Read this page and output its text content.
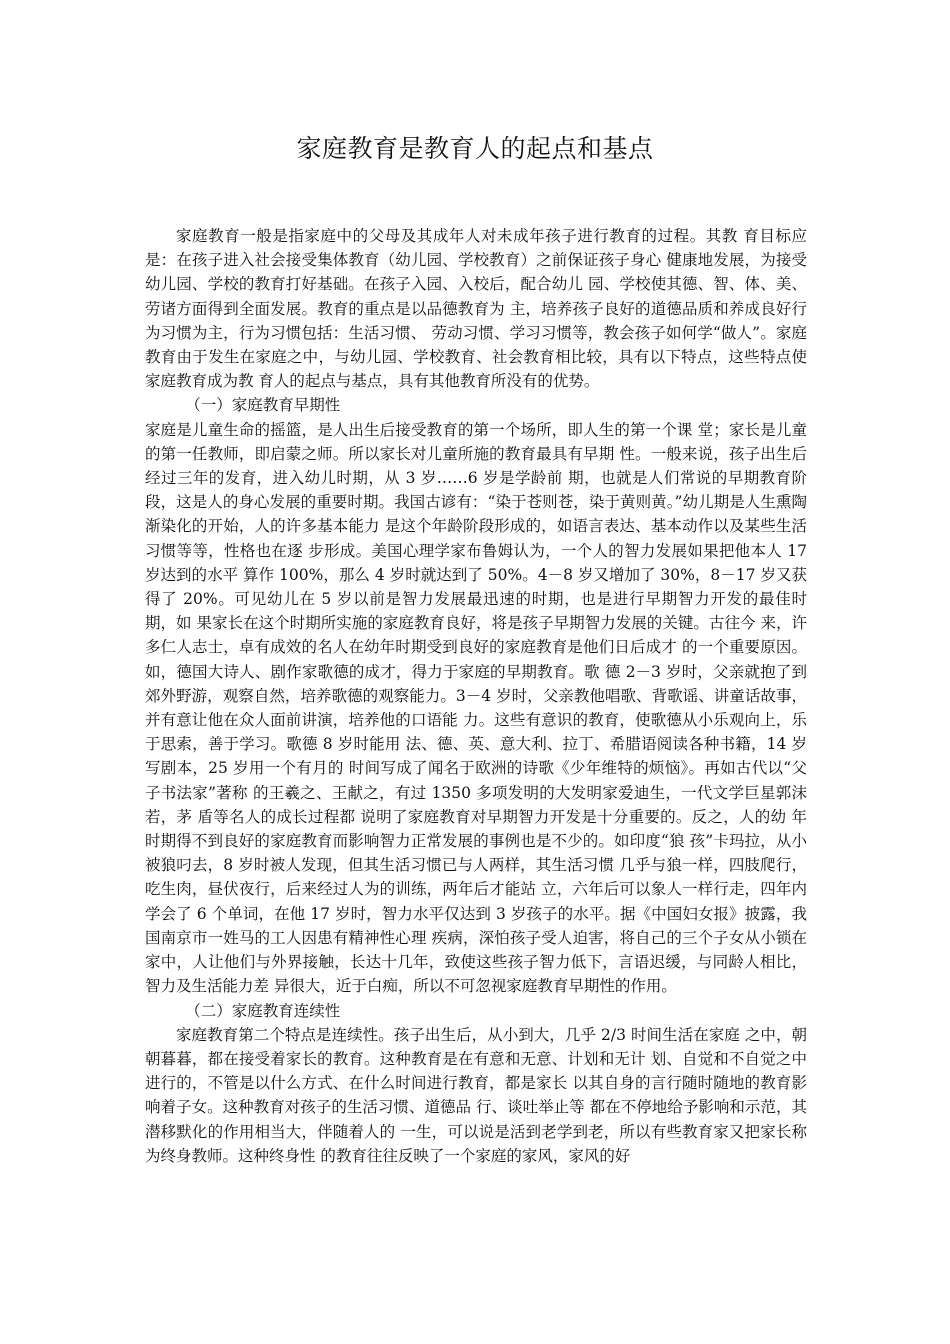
家庭教育是教育人的起点和基点

家庭教育一般是指家庭中的父母及其成年人对未成年孩子进行教育的过程。其教 育目标应是：在孩子进入社会接受集体教育（幼儿园、学校教育）之前保证孩子身心 健康地发展，为接受幼儿园、学校的教育打好基础。在孩子入园、入校后，配合幼儿 园、学校使其德、智、体、美、劳诸方面得到全面发展。教育的重点是以品德教育为 主，培养孩子良好的道德品质和养成良好行为习惯为主，行为习惯包括：生活习惯、 劳动习惯、学习习惯等，教会孩子如何学“做人”。家庭教育由于发生在家庭之中，与幼儿园、学校教育、社会教育相比较，具有以下特点，这些特点使家庭教育成为教 育人的起点与基点，具有其他教育所没有的优势。

（一）家庭教育早期性

家庭是儿童生命的摇篮，是人出生后接受教育的第一个场所，即人生的第一个课 堂；家长是儿童的第一任教师，即启蒙之师。所以家长对儿童所施的教育最具有早期 性。一般来说，孩子出生后经过三年的发育，进入幼儿时期，从 3 岁……6 岁是学龄前 期，也就是人们常说的早期教育阶段，这是人的身心发展的重要时期。我国古谚有：“染于苍则苍，染于黄则黄。”幼儿期是人生熏陶渐染化的开始，人的许多基本能力 是这个年龄阶段形成的，如语言表达、基本动作以及某些生活习惯等等，性格也在逐 步形成。美国心理学家布鲁姆认为，一个人的智力发展如果把他本人 17 岁达到的水平 算作 100%，那么 4 岁时就达到了 50%。4－8 岁又增加了 30%，8－17 岁又获得了 20%。可见幼儿在 5 岁以前是智力发展最迅速的时期，也是进行早期智力开发的最佳时期，如 果家长在这个时期所实施的家庭教育良好，将是孩子早期智力发展的关键。古往今 来，许多仁人志士，卓有成效的名人在幼年时期受到良好的家庭教育是他们日后成才 的一个重要原因。如，德国大诗人、剧作家歌德的成才，得力于家庭的早期教育。歌 德 2－3 岁时，父亲就抱了到郊外野游，观察自然，培养歌德的观察能力。3－4 岁时，父亲教他唱歌、背歌谣、讲童话故事，并有意让他在众人面前讲演，培养他的口语能 力。这些有意识的教育，使歌德从小乐观向上，乐于思索，善于学习。歌德 8 岁时能用 法、德、英、意大利、拉丁、希腊语阅读各种书籍，14 岁写剧本，25 岁用一个有月的 时间写成了闻名于欧洲的诗歌《少年维特的烦恼》。再如古代以“父子书法家”著称 的王羲之、王献之，有过 1350 多项发明的大发明家爱迪生，一代文学巨星郭沫若，茅 盾等名人的成长过程都 说明了家庭教育对早期智力开发是十分重要的。反之，人的幼 年时期得不到良好的家庭教育而影响智力正常发展的事例也是不少的。如印度“狼 孩”卡玛拉，从小被狼叼去，8 岁时被人发现，但其生活习惯已与人两样，其生活习惯 几乎与狼一样，四肢爬行，吃生肉，昼伏夜行，后来经过人为的训练，两年后才能站 立，六年后可以象人一样行走，四年内学会了 6 个单词，在他 17 岁时，智力水平仅达到 3 岁孩子的水平。据《中国妇女报》披露，我国南京市一姓马的工人因患有精神性心理 疾病，深怕孩子受人迫害，将自己的三个子女从小锁在家中，人让他们与外界接触，长达十几年，致使这些孩子智力低下，言语迟缓，与同龄人相比，智力及生活能力差 异很大，近于白痴，所以不可忽视家庭教育早期性的作用。

（二）家庭教育连续性

家庭教育第二个特点是连续性。孩子出生后，从小到大，几乎 2/3 时间生活在家庭 之中，朝朝暮暮，都在接受着家长的教育。这种教育是在有意和无意、计划和无计 划、自觉和不自觉之中进行的，不管是以什么方式、在什么时间进行教育，都是家长 以其自身的言行随时随地的教育影响着子女。这种教育对孩子的生活习惯、道德品 行、谈吐举止等 都在不停地给予影响和示范，其潜移默化的作用相当大，伴随着人的 一生，可以说是活到老学到老，所以有些教育家又把家长称为终身教师。这种终身性 的教育往往反映了一个家庭的家风，家风的好
